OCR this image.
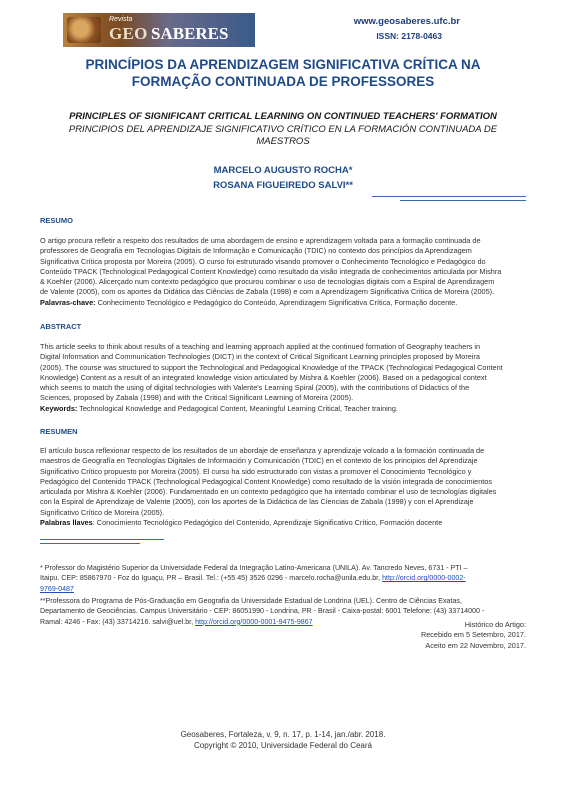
Revista
GEO SABERES
www.geosaberes.ufc.br
ISSN: 2178-0463
PRINCÍPIOS DA APRENDIZAGEM SIGNIFICATIVA CRÍTICA NA
FORMAÇÃO CONTINUADA DE PROFESSORES
PRINCIPLES OF SIGNIFICANT CRITICAL LEARNING ON CONTINUED TEACHERS' FORMATION
PRINCIPIOS DEL APRENDIZAJE SIGNIFICATIVO CRÍTICO EN LA FORMACIÓN CONTINUADA DE
MAESTROS
MARCELO AUGUSTO ROCHA*
ROSANA FIGUEIREDO SALVI**
RESUMO
O artigo procura refletir a respeito dos resultados de uma abordagem de ensino e aprendizagem voltada para a formação continuada de
professores de Geografia em Tecnologias Digitais de Informação e Comunicação (TDIC) no contexto dos princípios da Aprendizagem
Significativa Crítica proposta por Moreira (2005). O curso foi estruturado visando promover o Conhecimento Tecnológico e Pedagógico do
Conteúdo TPACK (Technological Pedagogical Content Knowledge) como resultado da visão integrada de conhecimentos articulada por Mishra
& Koehler (2006). Alicerçado num contexto pedagógico que procurou combinar o uso de tecnologias digitais com a Espiral de Aprendizagem
de Valente (2005), com os aportes da Didática das Ciências de Zabala (1998) e com a Aprendizagem Significativa Crítica de Moreira (2005).
Palavras-chave: Conhecimento Tecnológico e Pedagógico do Conteúdo, Aprendizagem Significativa Crítica, Formação docente.
ABSTRACT
This article seeks to think about results of a teaching and learning approach applied at the continued formation of Geography teachers in
Digital Information and Communication Technologies (DICT) in the context of Critical Significant Learning principles proposed by Moreira
(2005). The course was structured to support the Technological and Pedagogical Knowledge of the TPACK (Technological Pedagogical Content
Knowledge) Content as a result of an integrated knowledge vision articulated by Mishra & Koehler (2006). Based on a pedagogical context
which seems to match the using of digital technologies with Valente's Learning Spiral (2005), with the contributions of Didactics of the
Sciences, proposed by Zabala (1998) and with the Critical Significant Learning of Moreira (2005).
Keywords: Technological Knowledge and Pedagogical Content, Meaningful Learning Critical, Teacher training.
RESUMEN
El artículo busca reflexionar respecto de los resultados de un abordaje de enseñanza y aprendizaje volcado a la formación continuada de
maestros de Geografía en Tecnologías Digitales de Información y Comunicación (TDIC) en el contexto de los principios del Aprendizaje
Significativo Crítico propuesto por Moreira (2005). El curso ha sido estructurado con vistas a promover el Conocimiento Tecnológico y
Pedagógico del Contenido TPACK (Technological Pedagogical Content Knowledge) como resultado de la visión integrada de conocimientos
articulada por Mishra & Koehler (2006). Fundamentado en un contexto pedagógico que ha intentado combinar el uso de tecnologías digitales
con la Espiral de Aprendizaje de Valente (2005), con los aportes de la Didáctica de las Ciencias de Zabala (1998) y con el Aprendizaje
Significativo Crítico de Moreira (2005).
Palabras llaves: Conocimiento Tecnológico Pedagógico del Contenido, Aprendizaje Significativo Crítico, Formación docente
* Professor do Magistério Superior da Universidade Federal da Integração Latino-Americana (UNILA). Av. Tancredo Neves, 6731 - PTI –
Itaipu. CEP: 85867970 - Foz do Iguaçu, PR – Brasil. Tel.: (+55 45) 3526 0296 - marcelo.rocha@unila.edu.br, http://orcid.org/0000-0002-
9769-0487
**Professora do Programa de Pós-Graduação em Geografia da Universidade Estadual de Londrina (UEL). Centro de Ciências Exatas,
Departamento de Geociências. Campus Universitário - CEP: 86051990 - Londrina, PR - Brasil - Caixa-postal: 6001 Telefone: (43) 33714000 -
Ramal: 4246 - Fax: (43) 33714216. salvi@uel.br, http://orcid.org/0000-0001-9475-9867	Histórico do Artigo:
Recebido em 5 Setembro, 2017.
Aceito em 22 Novembro, 2017.
Geosaberes, Fortaleza, v. 9, n. 17, p. 1-14, jan./abr. 2018.
Copyright © 2010, Universidade Federal do Ceará
